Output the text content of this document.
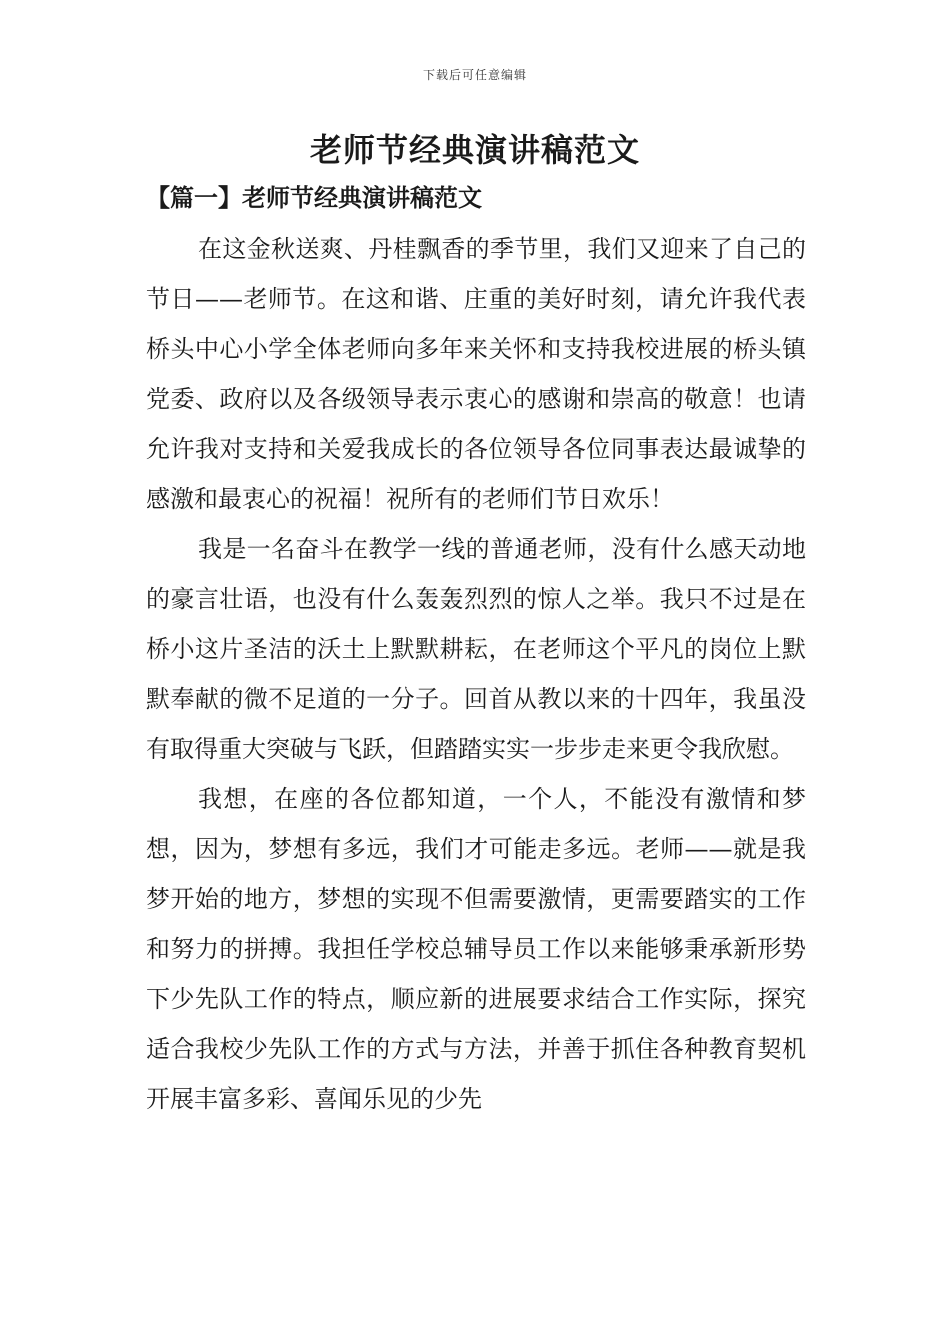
下载后可任意编辑
老师节经典演讲稿范文
【篇一】老师节经典演讲稿范文

在这金秋送爽、丹桂飘香的季节里，我们又迎来了自己的节日——老师节。在这和谐、庄重的美好时刻，请允许我代表桥头中心小学全体老师向多年来关怀和支持我校进展的桥头镇党委、政府以及各级领导表示衷心的感谢和崇高的敬意！也请允许我对支持和关爱我成长的各位领导各位同事表达最诚挚的感激和最衷心的祝福！祝所有的老师们节日欢乐！

我是一名奋斗在教学一线的普通老师，没有什么感天动地的豪言壮语，也没有什么轰轰烈烈的惊人之举。我只不过是在桥小这片圣洁的沃土上默默耕耘，在老师这个平凡的岗位上默默奉献的微不足道的一分子。回首从教以来的十四年，我虽没有取得重大突破与飞跃，但踏踏实实一步步走来更令我欣慰。

我想，在座的各位都知道，一个人，不能没有激情和梦想，因为，梦想有多远，我们才可能走多远。老师——就是我梦开始的地方，梦想的实现不但需要激情，更需要踏实的工作和努力的拼搏。我担任学校总辅导员工作以来能够秉承新形势下少先队工作的特点，顺应新的进展要求结合工作实际，探究适合我校少先队工作的方式与方法，并善于抓住各种教育契机开展丰富多彩、喜闻乐见的少先
